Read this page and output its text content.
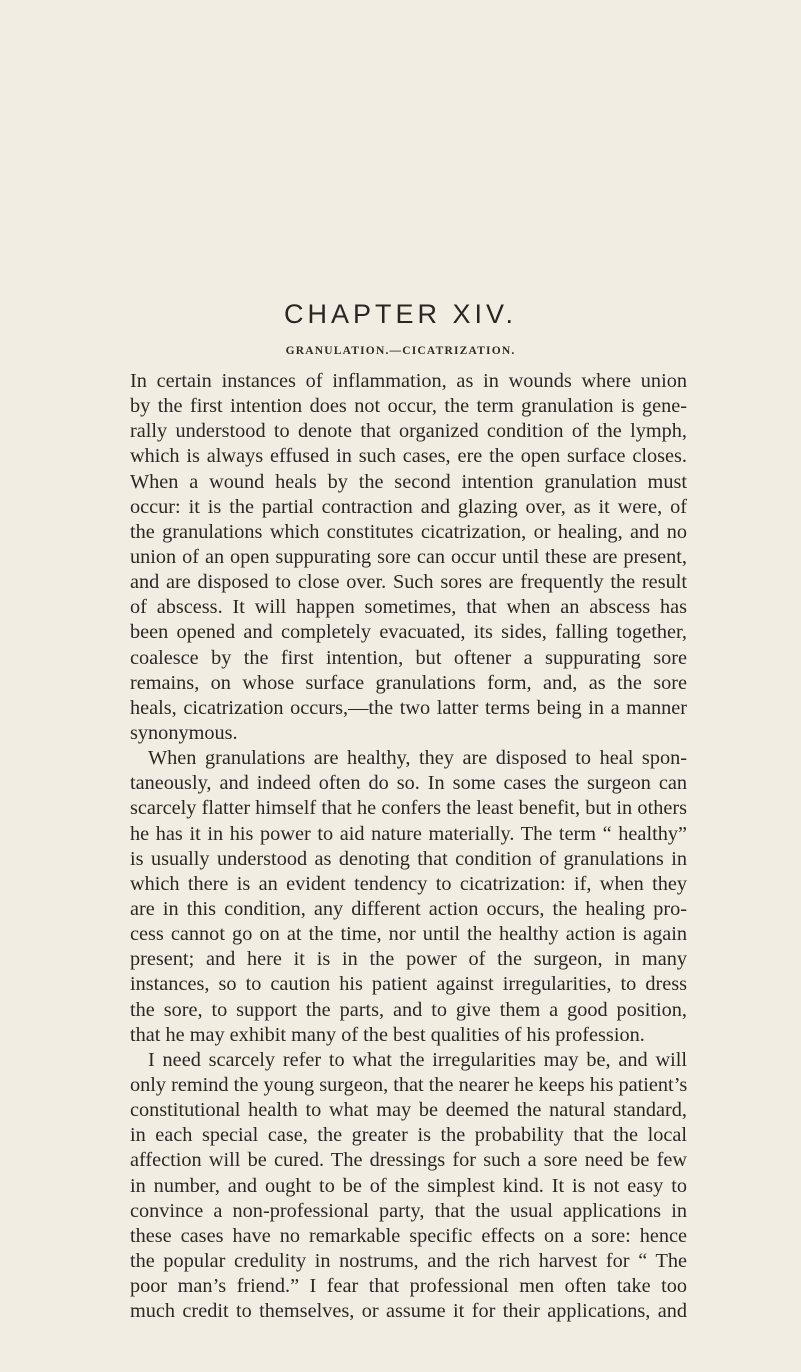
CHAPTER XIV.
GRANULATION.—CICATRIZATION.
In certain instances of inflammation, as in wounds where union
by the first intention does not occur, the term granulation is gene-
rally understood to denote that organized condition of the lymph,
which is always effused in such cases, ere the open surface closes.
When a wound heals by the second intention granulation must
occur: it is the partial contraction and glazing over, as it were, of
the granulations which constitutes cicatrization, or healing, and no
union of an open suppurating sore can occur until these are present,
and are disposed to close over. Such sores are frequently the result
of abscess. It will happen sometimes, that when an abscess has
been opened and completely evacuated, its sides, falling together,
coalesce by the first intention, but oftener a suppurating sore
remains, on whose surface granulations form, and, as the sore
heals, cicatrization occurs,—the two latter terms being in a manner
synonymous.
When granulations are healthy, they are disposed to heal spon-
taneously, and indeed often do so. In some cases the surgeon can
scarcely flatter himself that he confers the least benefit, but in others
he has it in his power to aid nature materially. The term “ healthy”
is usually understood as denoting that condition of granulations in
which there is an evident tendency to cicatrization: if, when they
are in this condition, any different action occurs, the healing pro-
cess cannot go on at the time, nor until the healthy action is again
present; and here it is in the power of the surgeon, in many
instances, so to caution his patient against irregularities, to dress
the sore, to support the parts, and to give them a good position,
that he may exhibit many of the best qualities of his profession.
I need scarcely refer to what the irregularities may be, and will
only remind the young surgeon, that the nearer he keeps his patient’s
constitutional health to what may be deemed the natural standard,
in each special case, the greater is the probability that the local
affection will be cured. The dressings for such a sore need be few
in number, and ought to be of the simplest kind. It is not easy to
convince a non-professional party, that the usual applications in
these cases have no remarkable specific effects on a sore: hence
the popular credulity in nostrums, and the rich harvest for “ The
poor man’s friend.” I fear that professional men often take too
much credit to themselves, or assume it for their applications, and
